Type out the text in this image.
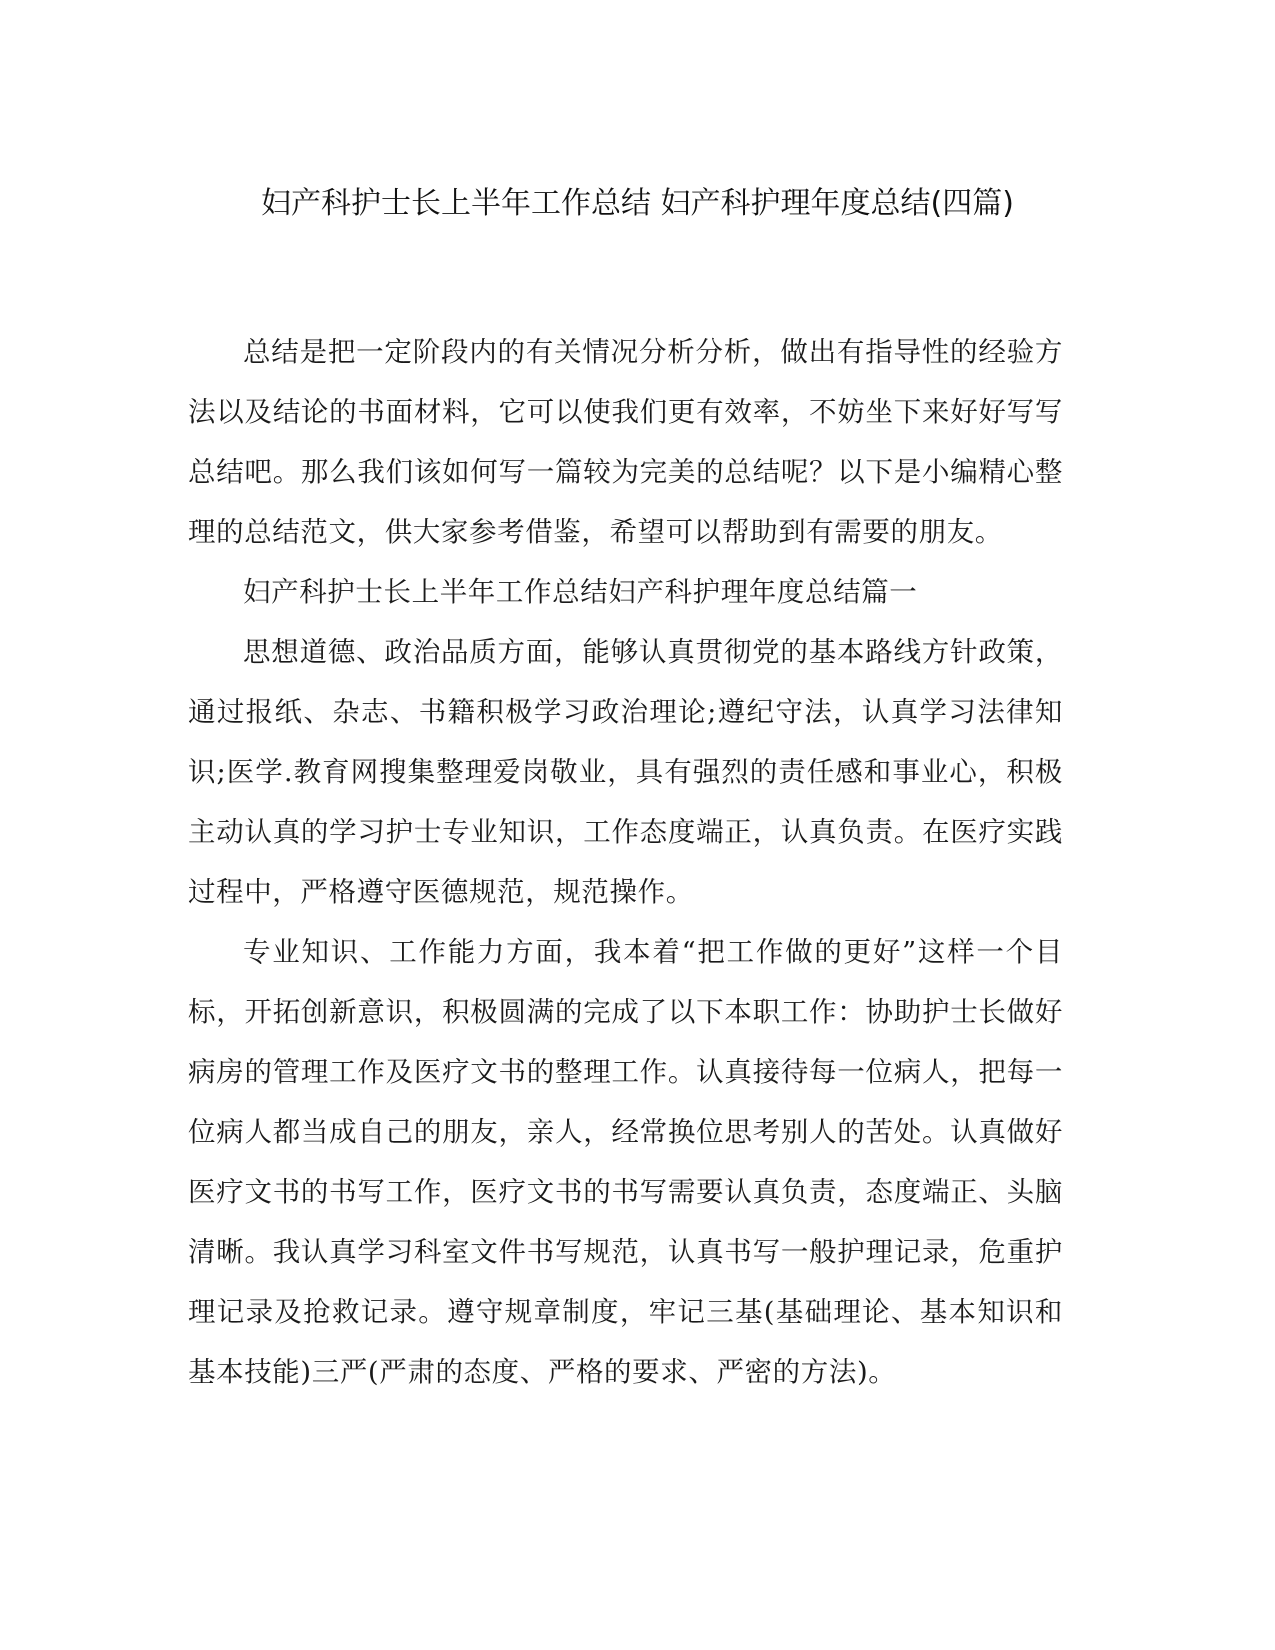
妇产科护士长上半年工作总结 妇产科护理年度总结(四篇)

总结是把一定阶段内的有关情况分析分析，做出有指导性的经验方法以及结论的书面材料，它可以使我们更有效率，不妨坐下来好好写写总结吧。那么我们该如何写一篇较为完美的总结呢？以下是小编精心整理的总结范文，供大家参考借鉴，希望可以帮助到有需要的朋友。

妇产科护士长上半年工作总结妇产科护理年度总结篇一

思想道德、政治品质方面，能够认真贯彻党的基本路线方针政策，通过报纸、杂志、书籍积极学习政治理论;遵纪守法，认真学习法律知识;医学.教育网搜集整理爱岗敬业，具有强烈的责任感和事业心，积极主动认真的学习护士专业知识，工作态度端正，认真负责。在医疗实践过程中，严格遵守医德规范，规范操作。

专业知识、工作能力方面，我本着“把工作做的更好”这样一个目标，开拓创新意识，积极圆满的完成了以下本职工作：协助护士长做好病房的管理工作及医疗文书的整理工作。认真接待每一位病人，把每一位病人都当成自己的朋友，亲人，经常换位思考别人的苦处。认真做好医疗文书的书写工作，医疗文书的书写需要认真负责，态度端正、头脑清晰。我认真学习科室文件书写规范，认真书写一般护理记录，危重护理记录及抢救记录。遵守规章制度，牢记三基(基础理论、基本知识和基本技能)三严(严肃的态度、严格的要求、严密的方法)。
